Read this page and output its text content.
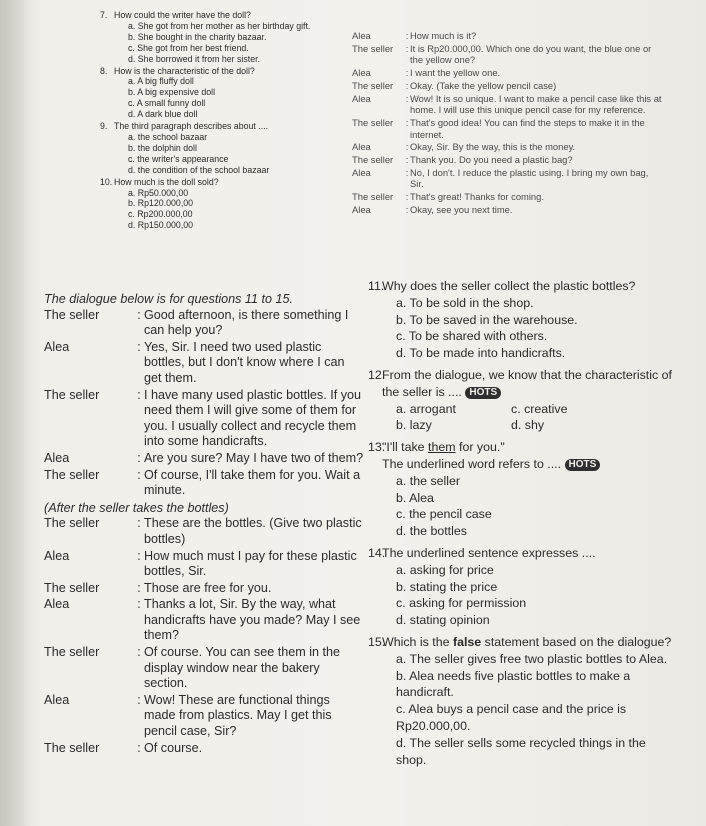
7. How could the writer have the doll?
a. She got from her mother as her birthday gift.
b. She bought in the charity bazaar.
c. She got from her best friend.
d. She borrowed it from her sister.
8. How is the characteristic of the doll?
a. A big fluffy doll
b. A big expensive doll
c. A small funny doll
d. A dark blue doll
9. The third paragraph describes about ....
a. the school bazaar
b. the dolphin doll
c. the writer's appearance
d. the condition of the school bazaar
10. How much is the doll sold?
a. Rp50.000,00
b. Rp120.000,00
c. Rp200.000,00
d. Rp150.000,00
Alea	: How much is it?
The seller	: It is Rp20.000,00. Which one do you want, the blue one or the yellow one?
Alea	: I want the yellow one.
The seller	: Okay. (Take the yellow pencil case)
Alea	: Wow! It is so unique. I want to make a pencil case like this at home. I will use this unique pencil case for my reference.
The seller	: That's good idea! You can find the steps to make it in the internet.
Alea	: Okay, Sir. By the way, this is the money.
The seller	: Thank you. Do you need a plastic bag?
Alea	: No, I don't. I reduce the plastic using. I bring my own bag, Sir.
The seller	: That's great! Thanks for coming.
Alea	: Okay, see you next time.
The dialogue below is for questions 11 to 15.
The seller	: Good afternoon, is there something I can help you?
Alea	: Yes, Sir. I need two used plastic bottles, but I don't know where I can get them.
The seller	: I have many used plastic bottles. If you need them I will give some of them for you. I usually collect and recycle them into some handicrafts.
Alea	: Are you sure? May I have two of them?
The seller	: Of course, I'll take them for you. Wait a minute.
(After the seller takes the bottles)
The seller	: These are the bottles. (Give two plastic bottles)
Alea	: How much must I pay for these plastic bottles, Sir.
The seller	: Those are free for you.
Alea	: Thanks a lot, Sir. By the way, what handicrafts have you made? May I see them?
The seller	: Of course. You can see them in the display window near the bakery section.
Alea	: Wow! These are functional things made from plastics. May I get this pencil case, Sir?
The seller	: Of course.
11.
Why does the seller collect the plastic bottles?
a. To be sold in the shop.
b. To be saved in the warehouse.
c. To be shared with others.
d. To be made into handicrafts.
12.
From the dialogue, we know that the characteristic of the seller is .... HOTS
a. arrogant	c. creative
b. lazy	d. shy
13.
"I'll take them for you."
The underlined word refers to .... HOTS
a. the seller
b. Alea
c. the pencil case
d. the bottles
14.
The underlined sentence expresses ....
a. asking for price
b. stating the price
c. asking for permission
d. stating opinion
15.
Which is the false statement based on the dialogue?
a. The seller gives free two plastic bottles to Alea.
b. Alea needs five plastic bottles to make a handicraft.
c. Alea buys a pencil case and the price is Rp20.000,00.
d. The seller sells some recycled things in the shop.
